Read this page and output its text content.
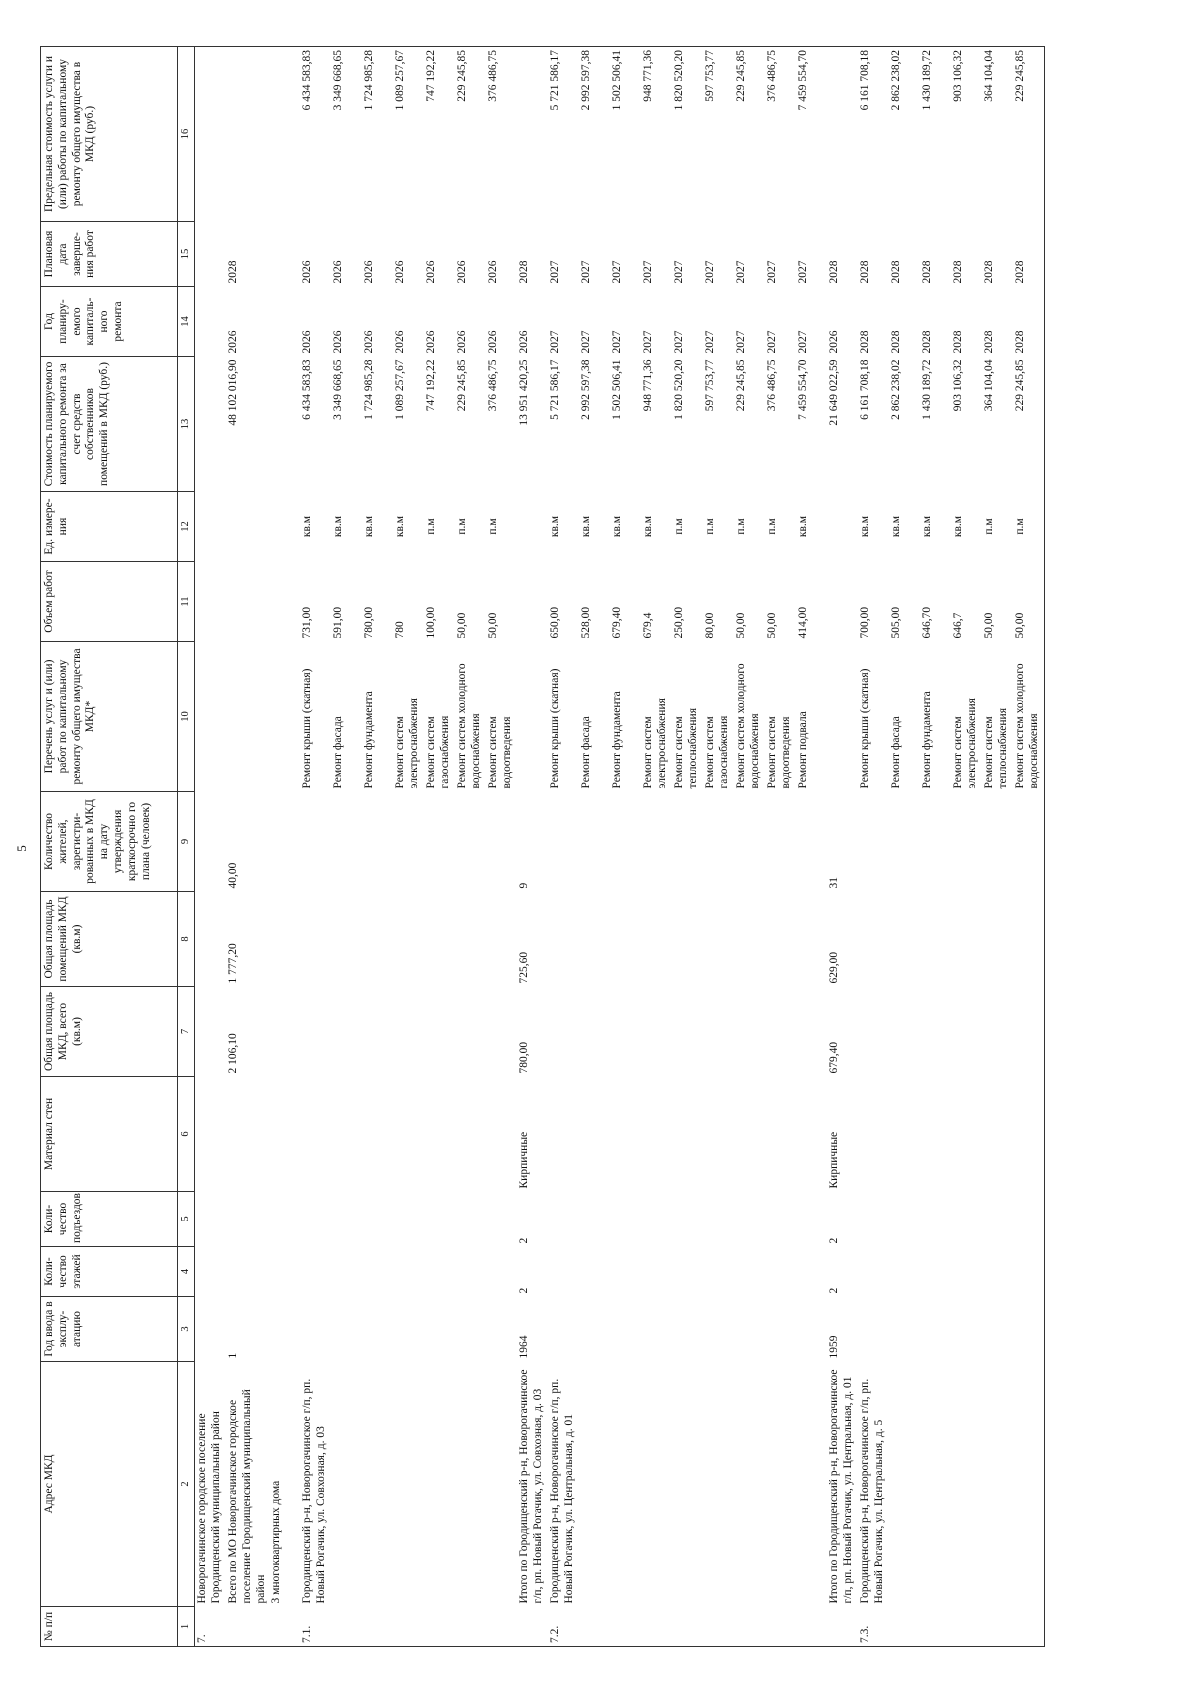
5
№ п/п	Адрес МКД	Год ввода в эксплу-атацию	Коли-чество этажей	Коли-чество подъездов	Материал стен	Общая площадь МКД, всего (кв.м)	Общая площадь помещений МКД (кв.м)	Количество жителей, зарегистри-рованных в МКД на дату утверждения краткосрочно го плана (человек)	Перечень услуг и (или) работ по капитальному ремонту общего имущества МКД*	Объем работ	Ед. измере-ния	Стоимость планируемого капитального ремонта за счет средств собственников помещений в МКД (руб.)	Год планиру-емого капиталь-ного ремонта	Плановая дата заверше-ния работ	Предельная стоимость услуги и (или) работы по капитальному ремонту общего имущества в МКД (руб.)
1	2	3	4	5	6	7	8	9	10	11	12	13	14	15	16
7.	Новорогачинское городское поселение Городищенский муниципальный район														
	Всего по МО Новорогачинское городское поселение Городищенский муниципальный район	1				2 106,10	1 777,20	40,00				48 102 016,90	2026	2028	
	3 многоквартирных дома														
7.1.	Городищенский р-н, Новорогачинское г/п, рп. Новый Рогачик, ул. Совхозная, д. 03								Ремонт крыши (скатная)	731,00	кв.м	6 434 583,83	2026	2026	6 434 583,83
									Ремонт фасада	591,00	кв.м	3 349 668,65	2026	2026	3 349 668,65
									Ремонт фундамента	780,00	кв.м	1 724 985,28	2026	2026	1 724 985,28
									Ремонт систем электроснабжения	780	кв.м	1 089 257,67	2026	2026	1 089 257,67
									Ремонт систем газоснабжения	100,00	п.м	747 192,22	2026	2026	747 192,22
									Ремонт систем холодного водоснабжения	50,00	п.м	229 245,85	2026	2026	229 245,85
									Ремонт систем водоотведения	50,00	п.м	376 486,75	2026	2026	376 486,75
	Итого по Городищенский р-н, Новорогачинское г/п, рп. Новый Рогачик, ул. Совхозная, д. 03	1964	2	2	Кирпичные	780,00	725,60	9				13 951 420,25	2026	2028	
7.2.	Городищенский р-н, Новорогачинское г/п, рп. Новый Рогачик, ул. Центральная, д. 01								Ремонт крыши (скатная)	650,00	кв.м	5 721 586,17	2027	2027	5 721 586,17
									Ремонт фасада	528,00	кв.м	2 992 597,38	2027	2027	2 992 597,38
									Ремонт фундамента	679,40	кв.м	1 502 506,41	2027	2027	1 502 506,41
									Ремонт систем электроснабжения	679,4	кв.м	948 771,36	2027	2027	948 771,36
									Ремонт систем теплоснабжения	250,00	п.м	1 820 520,20	2027	2027	1 820 520,20
									Ремонт систем газоснабжения	80,00	п.м	597 753,77	2027	2027	597 753,77
									Ремонт систем холодного водоснабжения	50,00	п.м	229 245,85	2027	2027	229 245,85
									Ремонт систем водоотведения	50,00	п.м	376 486,75	2027	2027	376 486,75
									Ремонт подвала	414,00	кв.м	7 459 554,70	2027	2027	7 459 554,70
	Итого по Городищенский р-н, Новорогачинское г/п, рп. Новый Рогачик, ул. Центральная, д. 01	1959	2	2	Кирпичные	679,40	629,00	31				21 649 022,59	2026	2028	
7.3.	Городищенский р-н, Новорогачинское г/п, рп. Новый Рогачик, ул. Центральная, д. 5								Ремонт крыши (скатная)	700,00	кв.м	6 161 708,18	2028	2028	6 161 708,18
									Ремонт фасада	505,00	кв.м	2 862 238,02	2028	2028	2 862 238,02
									Ремонт фундамента	646,70	кв.м	1 430 189,72	2028	2028	1 430 189,72
									Ремонт систем электроснабжения	646,7	кв.м	903 106,32	2028	2028	903 106,32
									Ремонт систем теплоснабжения	50,00	п.м	364 104,04	2028	2028	364 104,04
									Ремонт систем холодного водоснабжения	50,00	п.м	229 245,85	2028	2028	229 245,85
